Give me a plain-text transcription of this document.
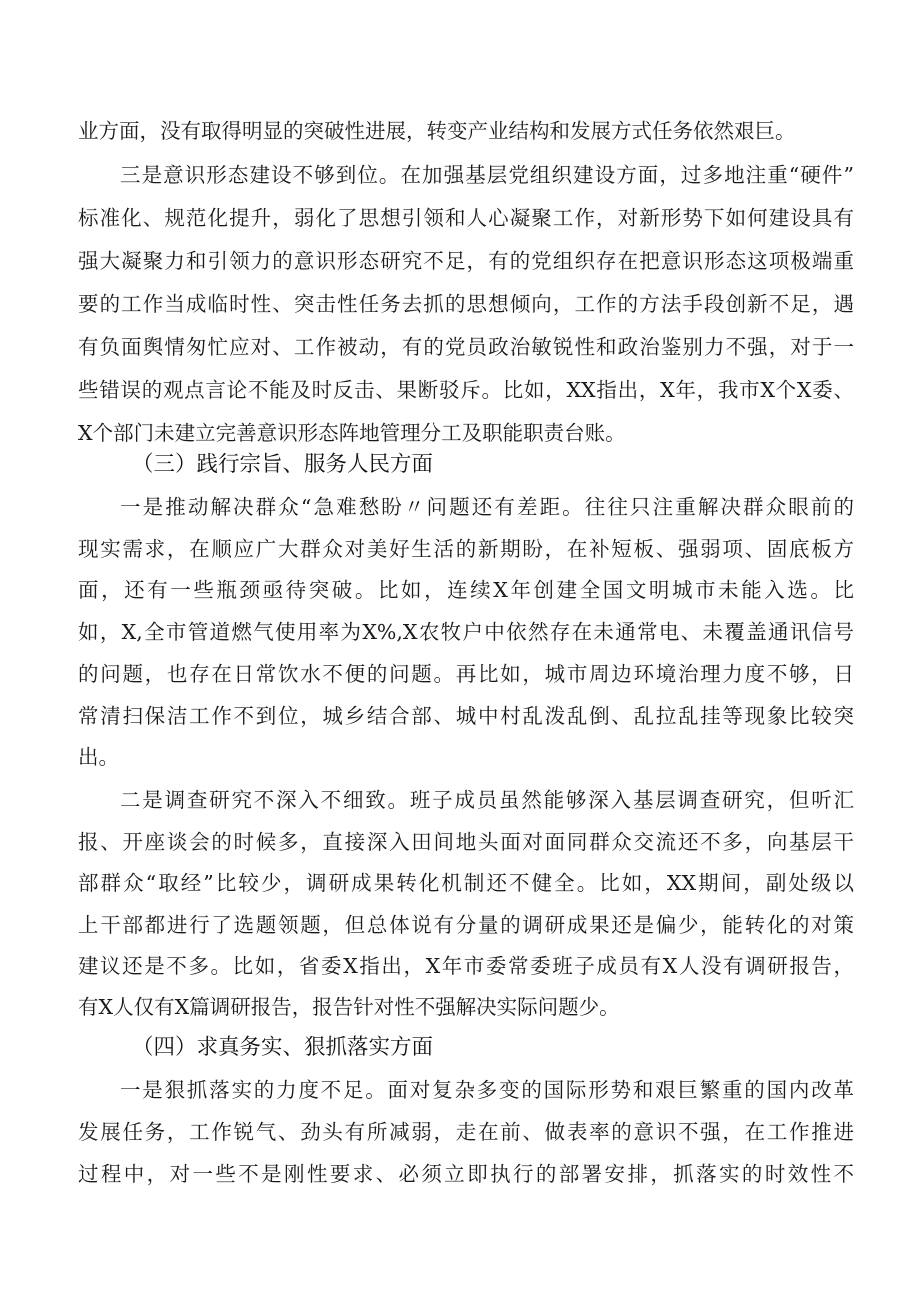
业方面，没有取得明显的突破性进展，转变产业结构和发展方式任务依然艰巨。
三是意识形态建设不够到位。在加强基层党组织建设方面，过多地注重“硬件”
标准化、规范化提升，弱化了思想引领和人心凝聚工作，对新形势下如何建设具有
强大凝聚力和引领力的意识形态研究不足，有的党组织存在把意识形态这项极端重
要的工作当成临时性、突击性任务去抓的思想倾向，工作的方法手段创新不足，遇
有负面舆情匆忙应对、工作被动，有的党员政治敏锐性和政治鉴别力不强，对于一
些错误的观点言论不能及时反击、果断驳斥。比如，XX指出，X年，我市X个X委、
X个部门未建立完善意识形态阵地管理分工及职能职责台账。
（三）践行宗旨、服务人民方面
一是推动解决群众“急难愁盼〃问题还有差距。往往只注重解决群众眼前的
现实需求，在顺应广大群众对美好生活的新期盼，在补短板、强弱项、固底板方
面，还有一些瓶颈亟待突破。比如，连续X年创建全国文明城市未能入选。比
如，X,全市管道燃气使用率为X%,X农牧户中依然存在未通常电、未覆盖通讯信号
的问题，也存在日常饮水不便的问题。再比如，城市周边环境治理力度不够，日
常清扫保洁工作不到位，城乡结合部、城中村乱泼乱倒、乱拉乱挂等现象比较突
出。
二是调查研究不深入不细致。班子成员虽然能够深入基层调查研究，但听汇
报、开座谈会的时候多，直接深入田间地头面对面同群众交流还不多，向基层干
部群众“取经”比较少，调研成果转化机制还不健全。比如，XX期间，副处级以
上干部都进行了选题领题，但总体说有分量的调研成果还是偏少，能转化的对策
建议还是不多。比如，省委X指出，X年市委常委班子成员有X人没有调研报告，
有X人仅有X篇调研报告，报告针对性不强解决实际问题少。
（四）求真务实、狠抓落实方面
一是狠抓落实的力度不足。面对复杂多变的国际形势和艰巨繁重的国内改革
发展任务，工作锐气、劲头有所减弱，走在前、做表率的意识不强，在工作推进
过程中，对一些不是刚性要求、必须立即执行的部署安排，抓落实的时效性不
